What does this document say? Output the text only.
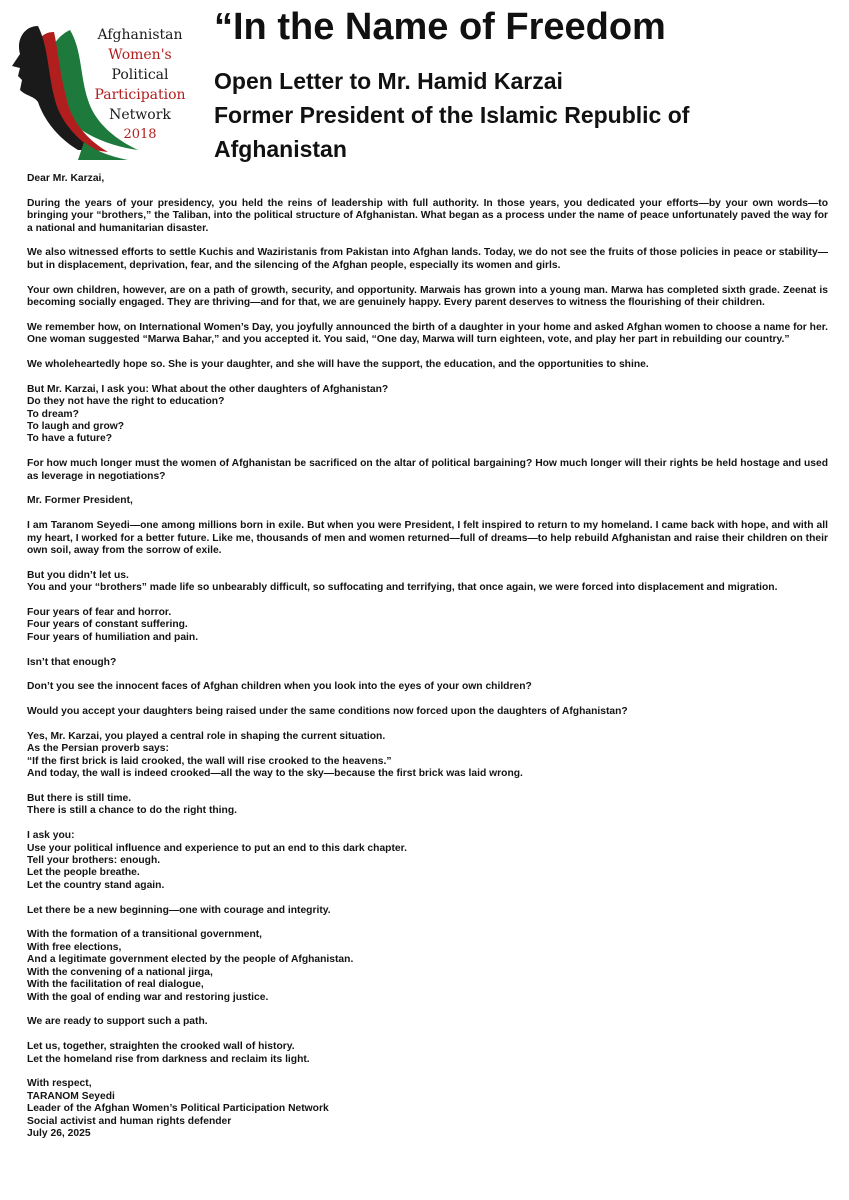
Afghanistan
Women's
Political
Participation
Network
2018
“In the Name of Freedom
Open Letter to Mr. Hamid Karzai
Former President of the Islamic Republic of
Afghanistan

Dear Mr. Karzai,

During the years of your presidency, you held the reins of leadership with full authority. In those years, you dedicated your efforts—by your own words—to bringing your “brothers,” the Taliban, into the political structure of Afghanistan. What began as a process under the name of peace unfortunately paved the way for a national and humanitarian disaster.

We also witnessed efforts to settle Kuchis and Waziristanis from Pakistan into Afghan lands. Today, we do not see the fruits of those policies in peace or stability—but in displacement, deprivation, fear, and the silencing of the Afghan people, especially its women and girls.

Your own children, however, are on a path of growth, security, and opportunity. Marwais has grown into a young man. Marwa has completed sixth grade. Zeenat is becoming socially engaged. They are thriving—and for that, we are genuinely happy. Every parent deserves to witness the flourishing of their children.

We remember how, on International Women’s Day, you joyfully announced the birth of a daughter in your home and asked Afghan women to choose a name for her. One woman suggested “Marwa Bahar,” and you accepted it. You said, “One day, Marwa will turn eighteen, vote, and play her part in rebuilding our country.”

We wholeheartedly hope so. She is your daughter, and she will have the support, the education, and the opportunities to shine.

But Mr. Karzai, I ask you: What about the other daughters of Afghanistan?
Do they not have the right to education?
To dream?
To laugh and grow?
To have a future?

For how much longer must the women of Afghanistan be sacrificed on the altar of political bargaining? How much longer will their rights be held hostage and used as leverage in negotiations?

Mr. Former President,

I am Taranom Seyedi—one among millions born in exile. But when you were President, I felt inspired to return to my homeland. I came back with hope, and with all my heart, I worked for a better future. Like me, thousands of men and women returned—full of dreams—to help rebuild Afghanistan and raise their children on their own soil, away from the sorrow of exile.

But you didn’t let us.
You and your “brothers” made life so unbearably difficult, so suffocating and terrifying, that once again, we were forced into displacement and migration.

Four years of fear and horror.
Four years of constant suffering.
Four years of humiliation and pain.

Isn’t that enough?

Don’t you see the innocent faces of Afghan children when you look into the eyes of your own children?

Would you accept your daughters being raised under the same conditions now forced upon the daughters of Afghanistan?

Yes, Mr. Karzai, you played a central role in shaping the current situation.
As the Persian proverb says:
“If the first brick is laid crooked, the wall will rise crooked to the heavens.”
And today, the wall is indeed crooked—all the way to the sky—because the first brick was laid wrong.

But there is still time.
There is still a chance to do the right thing.

I ask you:
Use your political influence and experience to put an end to this dark chapter.
Tell your brothers: enough.
Let the people breathe.
Let the country stand again.

Let there be a new beginning—one with courage and integrity.

With the formation of a transitional government,
With free elections,
And a legitimate government elected by the people of Afghanistan.
With the convening of a national jirga,
With the facilitation of real dialogue,
With the goal of ending war and restoring justice.

We are ready to support such a path.

Let us, together, straighten the crooked wall of history.
Let the homeland rise from darkness and reclaim its light.

With respect,
TARANOM Seyedi
Leader of the Afghan Women’s Political Participation Network
Social activist and human rights defender
July 26, 2025
